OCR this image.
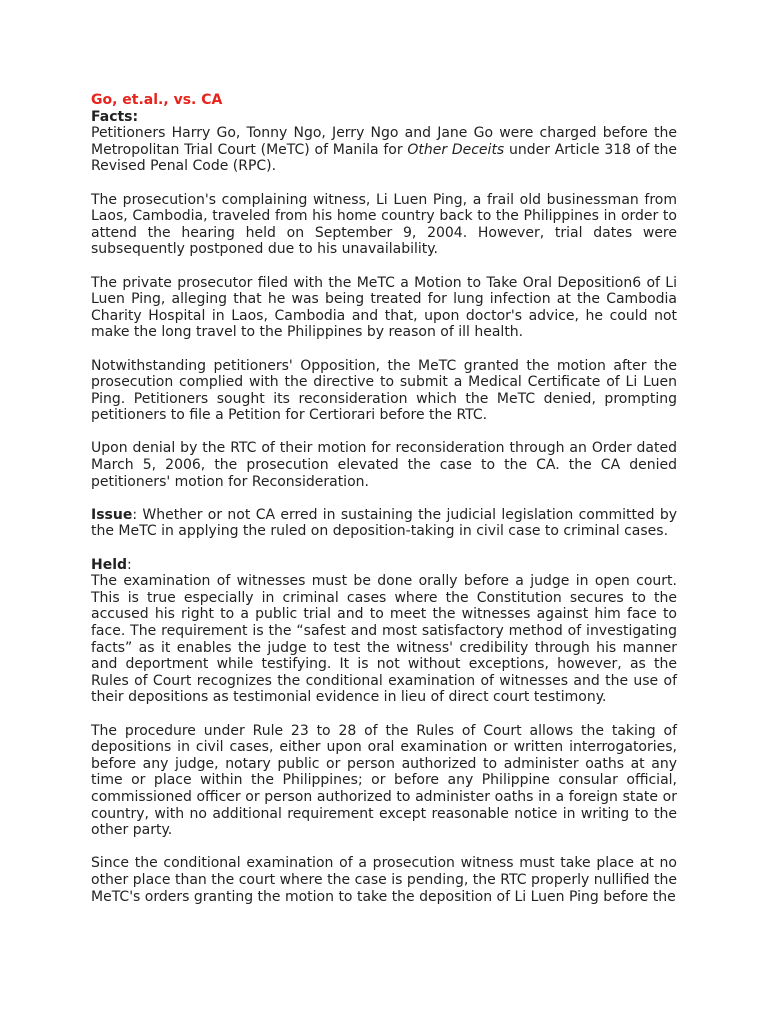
Go, et.al., vs. CA
Facts:

Petitioners Harry Go, Tonny Ngo, Jerry Ngo and Jane Go were charged before the Metropolitan Trial Court (MeTC) of Manila for Other Deceits under Article 318 of the Revised Penal Code (RPC).

The prosecution's complaining witness, Li Luen Ping, a frail old businessman from Laos, Cambodia, traveled from his home country back to the Philippines in order to attend the hearing held on September 9, 2004. However, trial dates were subsequently postponed due to his unavailability.

The private prosecutor filed with the MeTC a Motion to Take Oral Deposition6 of Li Luen Ping, alleging that he was being treated for lung infection at the Cambodia Charity Hospital in Laos, Cambodia and that, upon doctor's advice, he could not make the long travel to the Philippines by reason of ill health.

Notwithstanding petitioners' Opposition, the MeTC granted the motion after the prosecution complied with the directive to submit a Medical Certificate of Li Luen Ping. Petitioners sought its reconsideration which the MeTC denied, prompting petitioners to file a Petition for Certiorari before the RTC.

Upon denial by the RTC of their motion for reconsideration through an Order dated March 5, 2006, the prosecution elevated the case to the CA. the CA denied petitioners' motion for Reconsideration.

Issue: Whether or not CA erred in sustaining the judicial legislation committed by the MeTC in applying the ruled on deposition-taking in civil case to criminal cases.

Held:

The examination of witnesses must be done orally before a judge in open court. This is true especially in criminal cases where the Constitution secures to the accused his right to a public trial and to meet the witnesses against him face to face. The requirement is the “safest and most satisfactory method of investigating facts” as it enables the judge to test the witness' credibility through his manner and deportment while testifying. It is not without exceptions, however, as the Rules of Court recognizes the conditional examination of witnesses and the use of their depositions as testimonial evidence in lieu of direct court testimony.

The procedure under Rule 23 to 28 of the Rules of Court allows the taking of depositions in civil cases, either upon oral examination or written interrogatories, before any judge, notary public or person authorized to administer oaths at any time or place within the Philippines; or before any Philippine consular official, commissioned officer or person authorized to administer oaths in a foreign state or country, with no additional requirement except reasonable notice in writing to the other party.

Since the conditional examination of a prosecution witness must take place at no other place than the court where the case is pending, the RTC properly nullified the MeTC's orders granting the motion to take the deposition of Li Luen Ping before the
